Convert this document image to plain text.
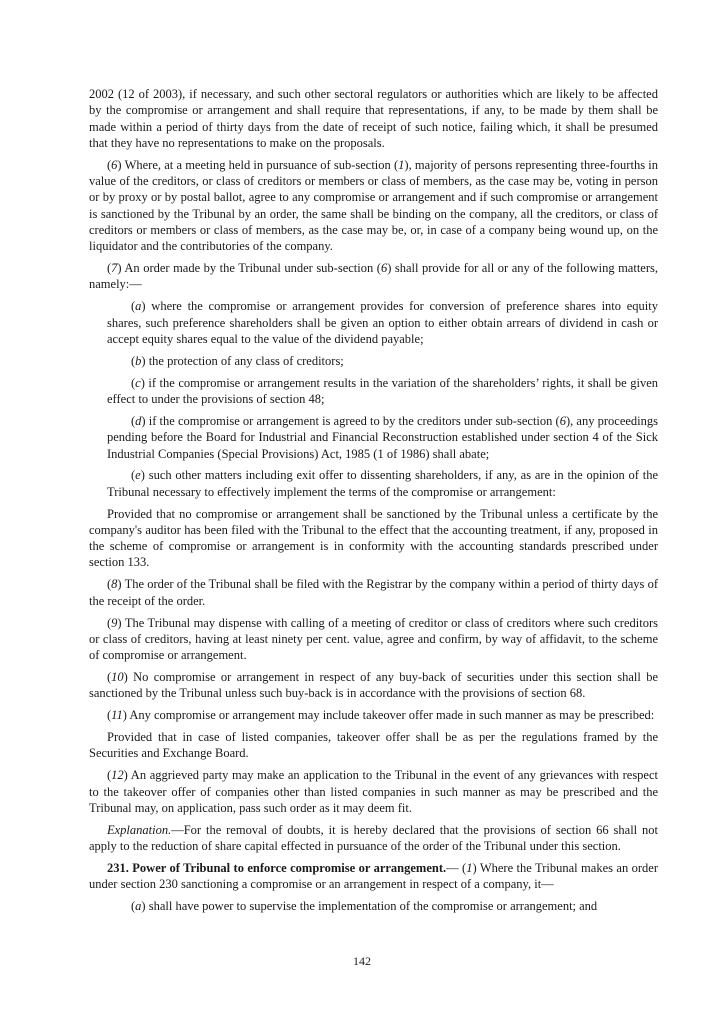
2002 (12 of 2003), if necessary, and such other sectoral regulators or authorities which are likely to be affected by the compromise or arrangement and shall require that representations, if any, to be made by them shall be made within a period of thirty days from the date of receipt of such notice, failing which, it shall be presumed that they have no representations to make on the proposals.

(6) Where, at a meeting held in pursuance of sub-section (1), majority of persons representing three-fourths in value of the creditors, or class of creditors or members or class of members, as the case may be, voting in person or by proxy or by postal ballot, agree to any compromise or arrangement and if such compromise or arrangement is sanctioned by the Tribunal by an order, the same shall be binding on the company, all the creditors, or class of creditors or members or class of members, as the case may be, or, in case of a company being wound up, on the liquidator and the contributories of the company.

(7) An order made by the Tribunal under sub-section (6) shall provide for all or any of the following matters, namely:—

(a) where the compromise or arrangement provides for conversion of preference shares into equity shares, such preference shareholders shall be given an option to either obtain arrears of dividend in cash or accept equity shares equal to the value of the dividend payable;

(b) the protection of any class of creditors;

(c) if the compromise or arrangement results in the variation of the shareholders’ rights, it shall be given effect to under the provisions of section 48;

(d) if the compromise or arrangement is agreed to by the creditors under sub-section (6), any proceedings pending before the Board for Industrial and Financial Reconstruction established under section 4 of the Sick Industrial Companies (Special Provisions) Act, 1985 (1 of 1986) shall abate;

(e) such other matters including exit offer to dissenting shareholders, if any, as are in the opinion of the Tribunal necessary to effectively implement the terms of the compromise or arrangement:

Provided that no compromise or arrangement shall be sanctioned by the Tribunal unless a certificate by the company's auditor has been filed with the Tribunal to the effect that the accounting treatment, if any, proposed in the scheme of compromise or arrangement is in conformity with the accounting standards prescribed under section 133.

(8) The order of the Tribunal shall be filed with the Registrar by the company within a period of thirty days of the receipt of the order.

(9) The Tribunal may dispense with calling of a meeting of creditor or class of creditors where such creditors or class of creditors, having at least ninety per cent. value, agree and confirm, by way of affidavit, to the scheme of compromise or arrangement.

(10) No compromise or arrangement in respect of any buy-back of securities under this section shall be sanctioned by the Tribunal unless such buy-back is in accordance with the provisions of section 68.

(11) Any compromise or arrangement may include takeover offer made in such manner as may be prescribed:

Provided that in case of listed companies, takeover offer shall be as per the regulations framed by the Securities and Exchange Board.

(12) An aggrieved party may make an application to the Tribunal in the event of any grievances with respect to the takeover offer of companies other than listed companies in such manner as may be prescribed and the Tribunal may, on application, pass such order as it may deem fit.

Explanation.—For the removal of doubts, it is hereby declared that the provisions of section 66 shall not apply to the reduction of share capital effected in pursuance of the order of the Tribunal under this section.

231. Power of Tribunal to enforce compromise or arrangement.— (1) Where the Tribunal makes an order under section 230 sanctioning a compromise or an arrangement in respect of a company, it—

(a) shall have power to supervise the implementation of the compromise or arrangement; and

142
